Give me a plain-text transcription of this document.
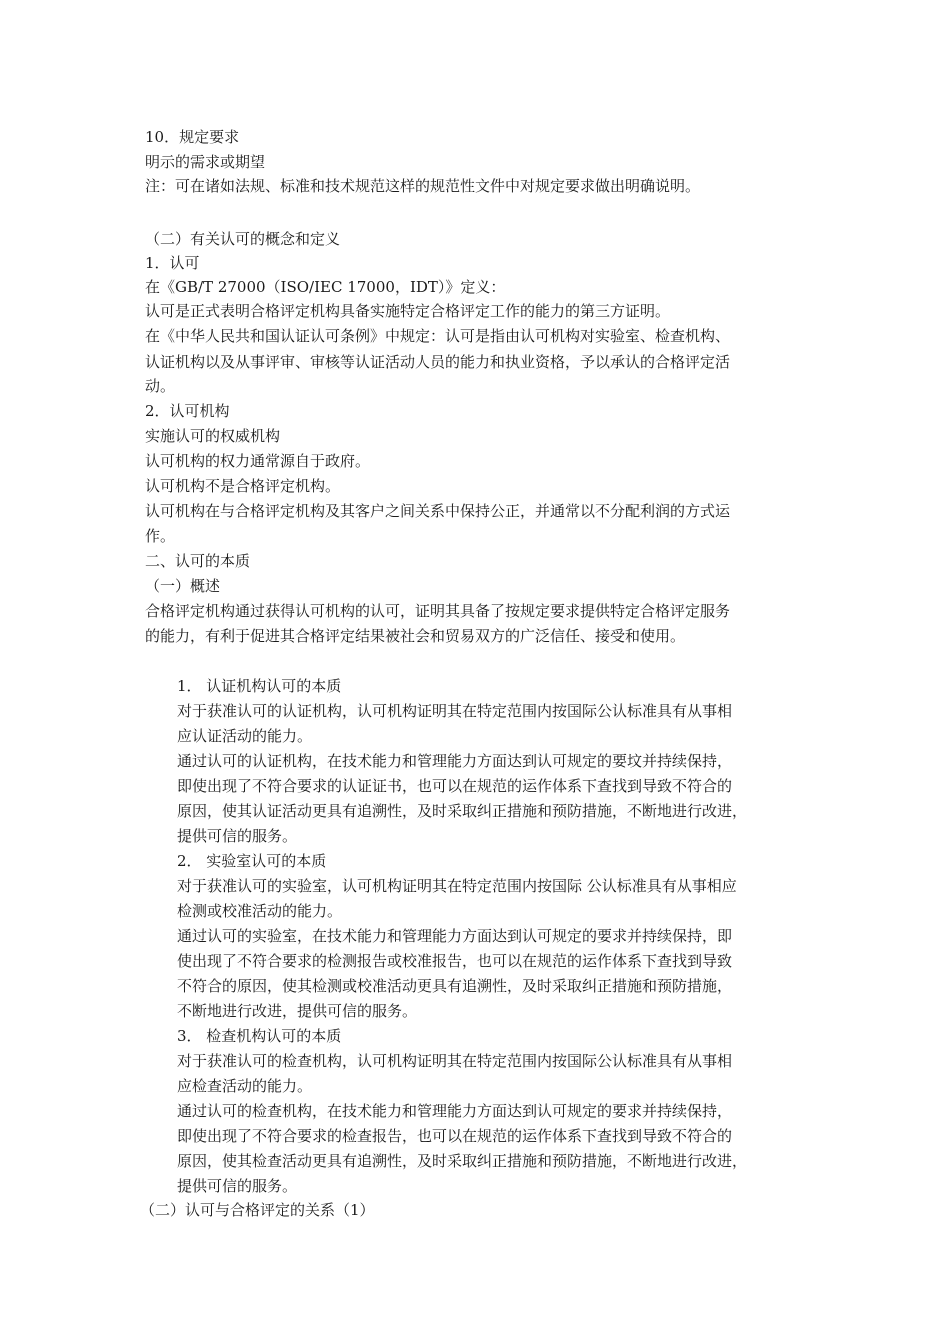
10．规定要求
明示的需求或期望
注：可在诸如法规、标准和技术规范这样的规范性文件中对规定要求做出明确说明。
（二）有关认可的概念和定义
1．认可
在《GB/T 27000（ISO/IEC 17000，IDT）》定义：
认可是正式表明合格评定机构具备实施特定合格评定工作的能力的第三方证明。
在《中华人民共和国认证认可条例》中规定：认可是指由认可机构对实验室、检查机构、
认证机构以及从事评审、审核等认证活动人员的能力和执业资格，予以承认的合格评定活
动。
2．认可机构
实施认可的权威机构
认可机构的权力通常源自于政府。
认可机构不是合格评定机构。
认可机构在与合格评定机构及其客户之间关系中保持公正，并通常以不分配利润的方式运
作。
二、认可的本质
（一）概述
合格评定机构通过获得认可机构的认可，证明其具备了按规定要求提供特定合格评定服务
的能力，有利于促进其合格评定结果被社会和贸易双方的广泛信任、接受和使用。
1． 认证机构认可的本质
对于获准认可的认证机构，认可机构证明其在特定范围内按国际公认标准具有从事相
应认证活动的能力。
通过认可的认证机构，在技术能力和管理能力方面达到认可规定的要坟并持续保持，
即使出现了不符合要求的认证证书，也可以在规范的运作体系下查找到导致不符合的
原因，使其认证活动更具有追溯性，及时采取纠正措施和预防措施，不断地进行改进，
提供可信的服务。
2． 实验室认可的本质
对于获准认可的实验室，认可机构证明其在特定范围内按国际 公认标准具有从事相应
检测或校准活动的能力。
通过认可的实验室，在技术能力和管理能力方面达到认可规定的要求并持续保持，即
使出现了不符合要求的检测报告或校准报告，也可以在规范的运作体系下查找到导致
不符合的原因，使其检测或校准活动更具有追溯性，及时采取纠正措施和预防措施，
不断地进行改进，提供可信的服务。
3． 检查机构认可的本质
对于获准认可的检查机构，认可机构证明其在特定范围内按国际公认标准具有从事相
应检查活动的能力。
通过认可的检查机构，在技术能力和管理能力方面达到认可规定的要求并持续保持，
即使出现了不符合要求的检查报告，也可以在规范的运作体系下查找到导致不符合的
原因，使其检查活动更具有追溯性，及时采取纠正措施和预防措施，不断地进行改进，
提供可信的服务。
（二）认可与合格评定的关系（1）
